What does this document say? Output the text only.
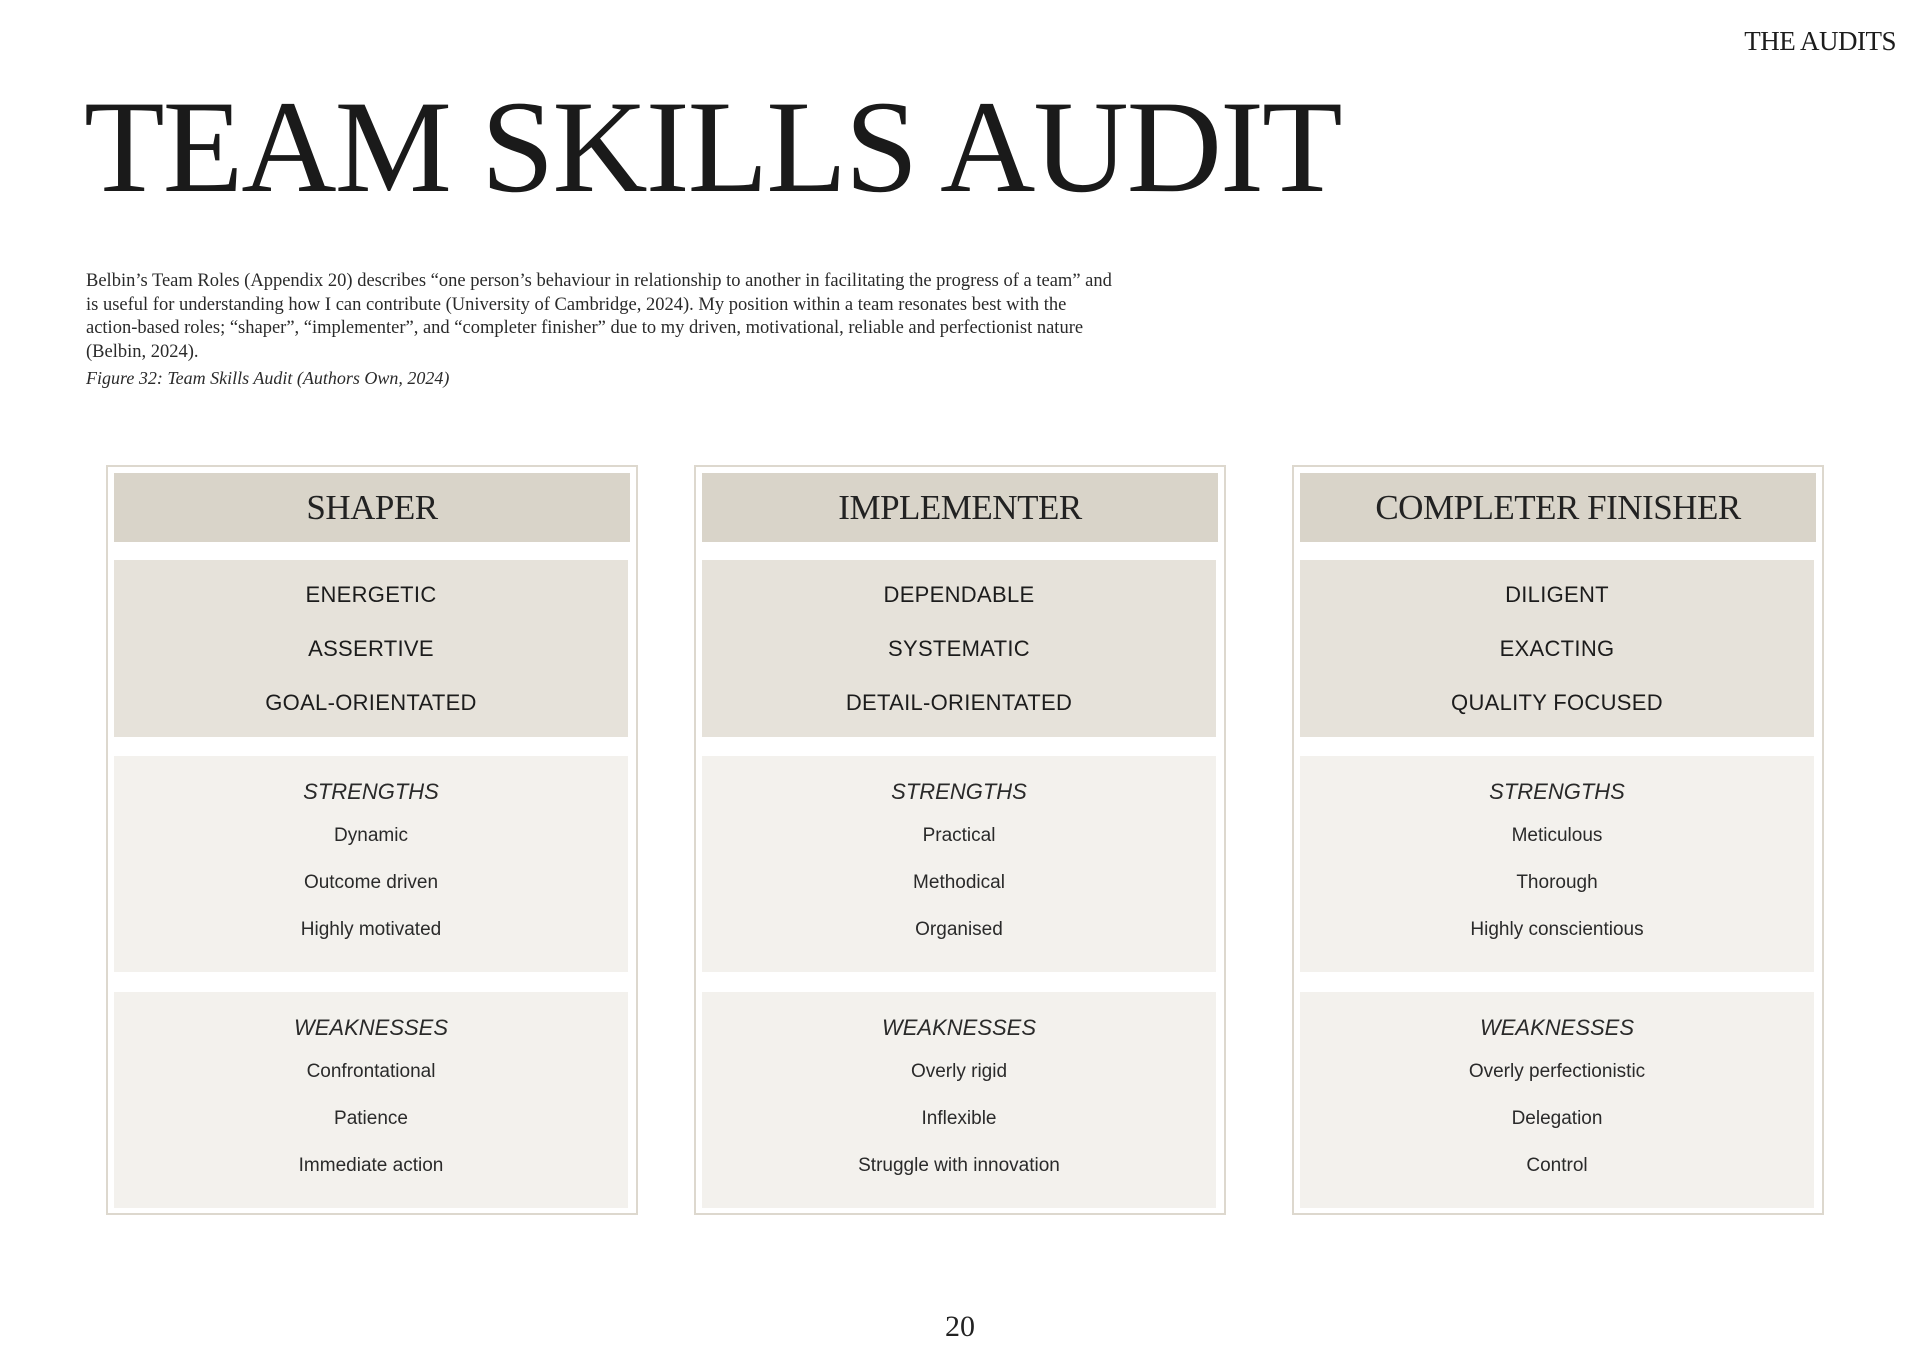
THE AUDITS
TEAM SKILLS AUDIT

Belbin’s Team Roles (Appendix 20) describes “one person’s behaviour in relationship to another in facilitating the progress of a team” and is useful for understanding how I can contribute (University of Cambridge, 2024). My position within a team resonates best with the action-based roles; “shaper”, “implementer”, and “completer finisher” due to my driven, motivational, reliable and perfectionist nature (Belbin, 2024).

Figure 32: Team Skills Audit (Authors Own, 2024)

SHAPER
ENERGETIC
ASSERTIVE
GOAL-ORIENTATED
STRENGTHS
Dynamic
Outcome driven
Highly motivated
WEAKNESSES
Confrontational
Patience
Immediate action
IMPLEMENTER
DEPENDABLE
SYSTEMATIC
DETAIL-ORIENTATED
STRENGTHS
Practical
Methodical
Organised
WEAKNESSES
Overly rigid
Inflexible
Struggle with innovation
COMPLETER FINISHER
DILIGENT
EXACTING
QUALITY FOCUSED
STRENGTHS
Meticulous
Thorough
Highly conscientious
WEAKNESSES
Overly perfectionistic
Delegation
Control
20
